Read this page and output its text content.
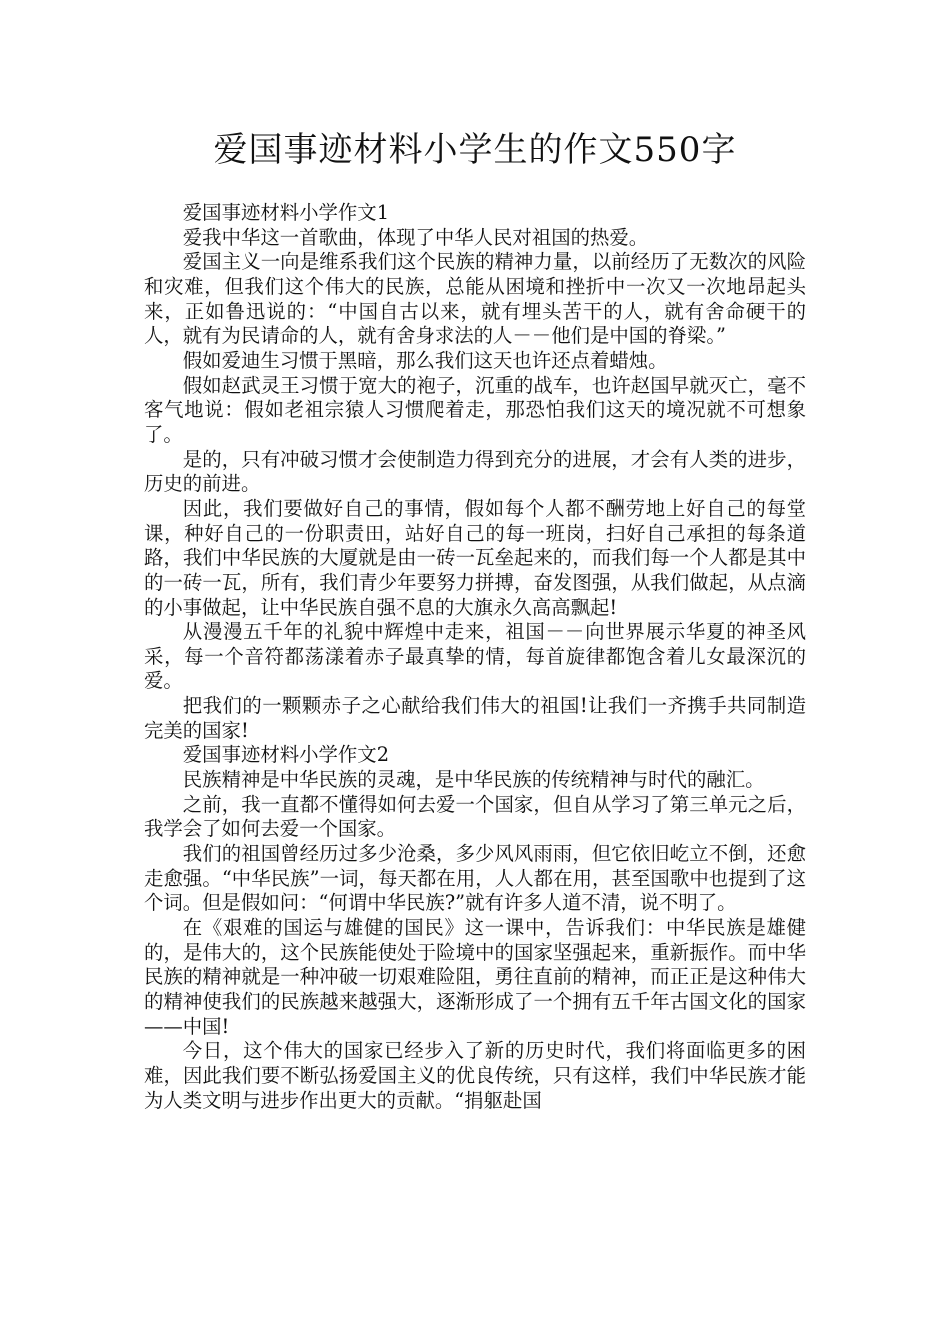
爱国事迹材料小学生的作文550字

爱国事迹材料小学作文1

爱我中华这一首歌曲，体现了中华人民对祖国的热爱。

爱国主义一向是维系我们这个民族的精神力量，以前经历了无数次的风险和灾难，但我们这个伟大的民族，总能从困境和挫折中一次又一次地昂起头来，正如鲁迅说的：“中国自古以来，就有埋头苦干的人，就有舍命硬干的人，就有为民请命的人，就有舍身求法的人－－他们是中国的脊梁。”

假如爱迪生习惯于黑暗，那么我们这天也许还点着蜡烛。

假如赵武灵王习惯于宽大的袍子，沉重的战车，也许赵国早就灭亡，毫不客气地说：假如老祖宗猿人习惯爬着走，那恐怕我们这天的境况就不可想象了。

是的，只有冲破习惯才会使制造力得到充分的进展，才会有人类的进步，历史的前进。

因此，我们要做好自己的事情，假如每个人都不酬劳地上好自己的每堂课，种好自己的一份职责田，站好自己的每一班岗，扫好自己承担的每条道路，我们中华民族的大厦就是由一砖一瓦垒起来的，而我们每一个人都是其中的一砖一瓦，所有，我们青少年要努力拼搏，奋发图强，从我们做起，从点滴的小事做起，让中华民族自强不息的大旗永久高高飘起!

从漫漫五千年的礼貌中辉煌中走来，祖国－－向世界展示华夏的神圣风采，每一个音符都荡漾着赤子最真挚的情，每首旋律都饱含着儿女最深沉的爱。

把我们的一颗颗赤子之心献给我们伟大的祖国!让我们一齐携手共同制造完美的国家!

爱国事迹材料小学作文2

民族精神是中华民族的灵魂，是中华民族的传统精神与时代的融汇。

之前，我一直都不懂得如何去爱一个国家，但自从学习了第三单元之后，我学会了如何去爱一个国家。

我们的祖国曾经历过多少沧桑，多少风风雨雨，但它依旧屹立不倒，还愈走愈强。“中华民族”一词，每天都在用，人人都在用，甚至国歌中也提到了这个词。但是假如问：“何谓中华民族?”就有许多人道不清，说不明了。

在《艰难的国运与雄健的国民》这一课中，告诉我们：中华民族是雄健的，是伟大的，这个民族能使处于险境中的国家坚强起来，重新振作。而中华民族的精神就是一种冲破一切艰难险阻，勇往直前的精神，而正正是这种伟大的精神使我们的民族越来越强大，逐渐形成了一个拥有五千年古国文化的国家——中国!

今日，这个伟大的国家已经步入了新的历史时代，我们将面临更多的困难，因此我们要不断弘扬爱国主义的优良传统，只有这样，我们中华民族才能为人类文明与进步作出更大的贡献。“捐躯赴国
